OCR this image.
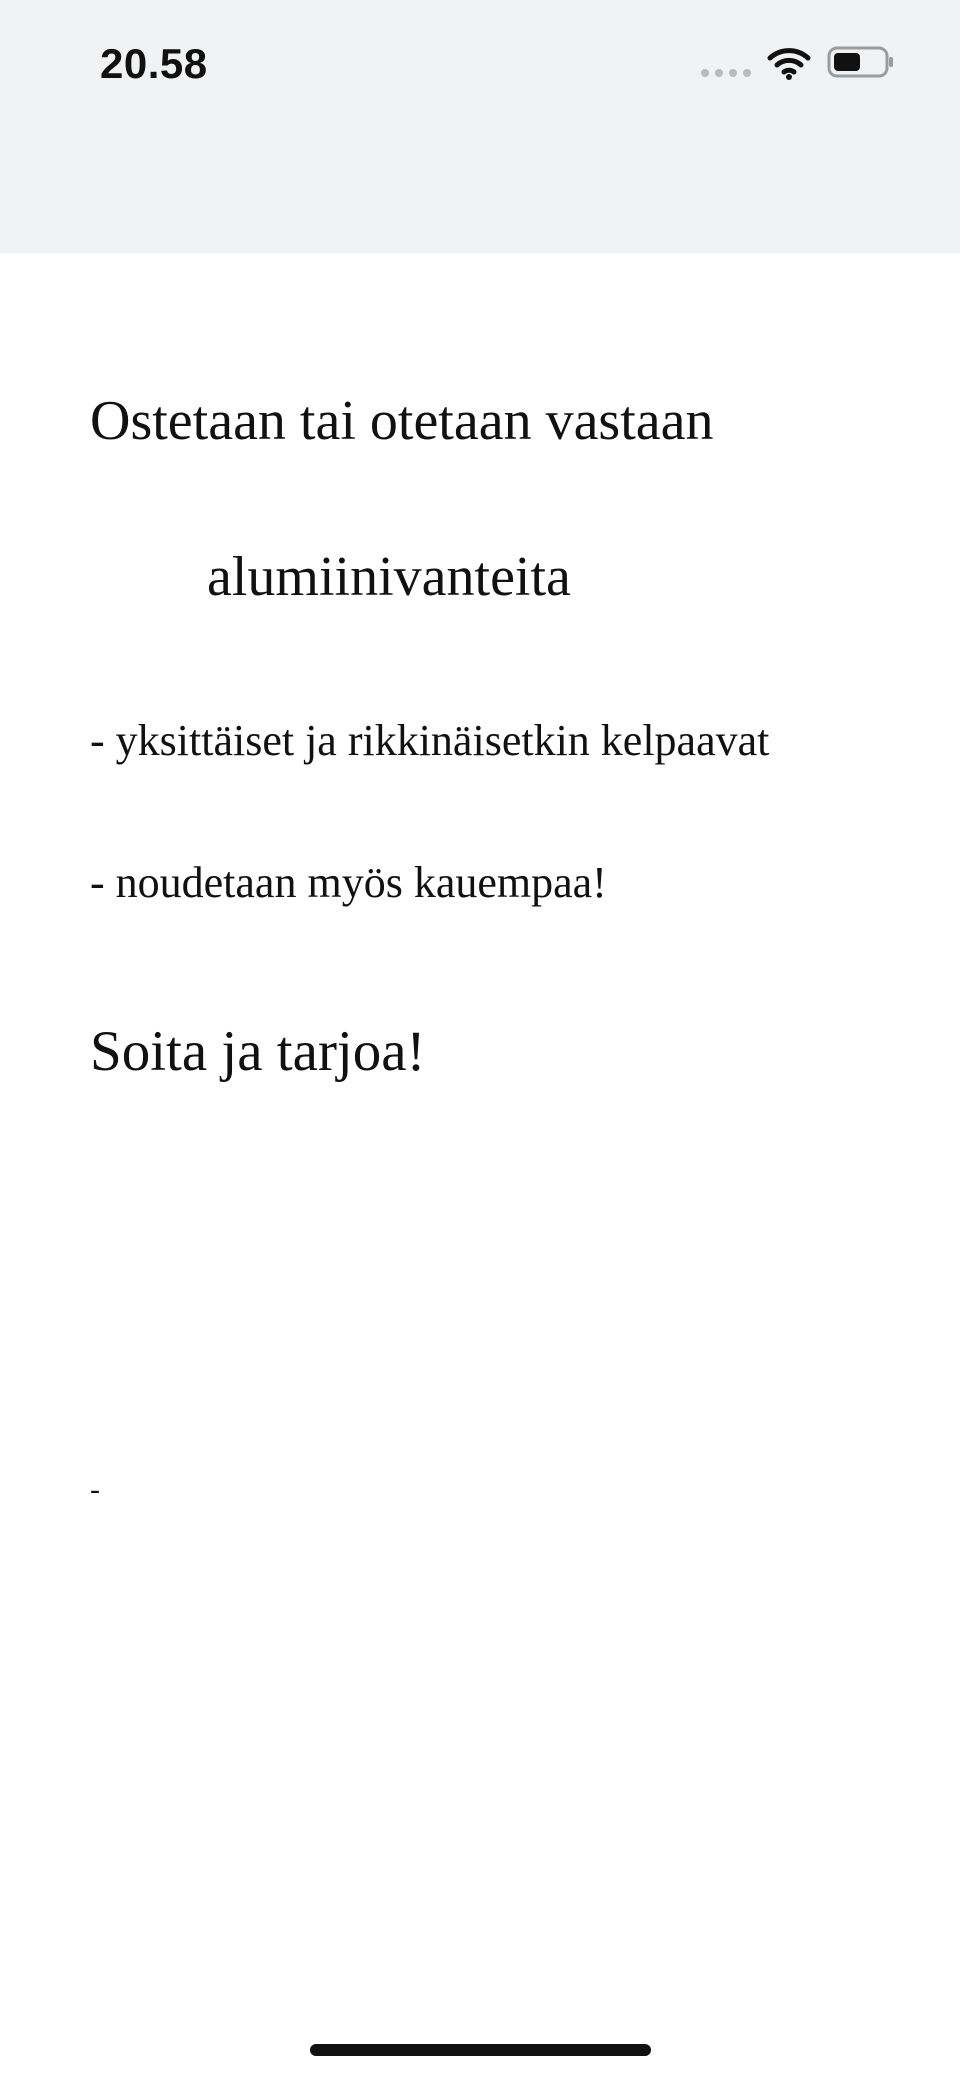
20.58

Ostetaan tai otetaan vastaan

alumiinivanteita

- yksittäiset ja rikkinäisetkin kelpaavat

- noudetaan myös kauempaa!

Soita ja tarjoa!

-
